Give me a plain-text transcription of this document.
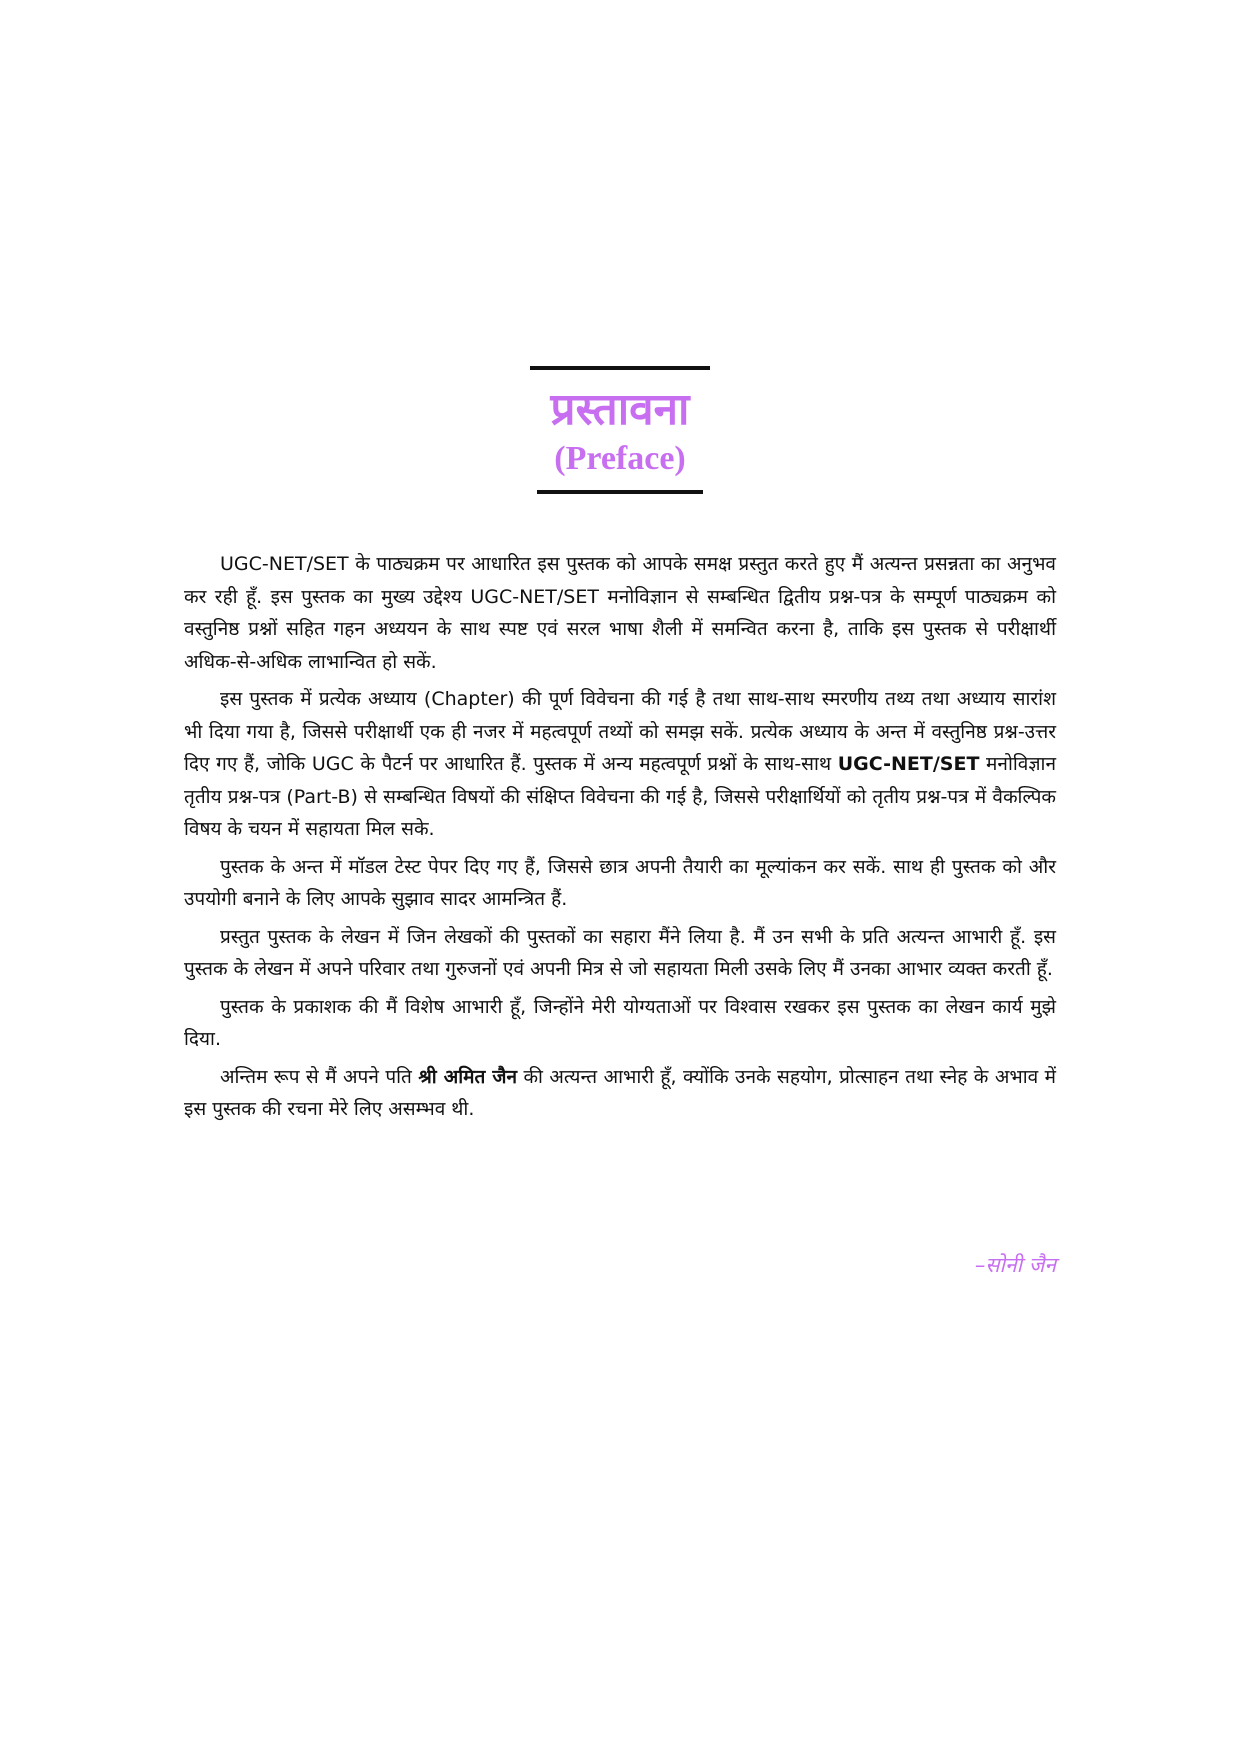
प्रस्तावना
(Preface)

UGC-NET/SET के पाठ्यक्रम पर आधारित इस पुस्तक को आपके समक्ष प्रस्तुत करते हुए मैं अत्यन्त प्रसन्नता का अनुभव कर रही हूँ. इस पुस्तक का मुख्य उद्देश्य UGC-NET/SET मनोविज्ञान से सम्बन्धित द्वितीय प्रश्न-पत्र के सम्पूर्ण पाठ्यक्रम को वस्तुनिष्ठ प्रश्नों सहित गहन अध्ययन के साथ स्पष्ट एवं सरल भाषा शैली में समन्वित करना है, ताकि इस पुस्तक से परीक्षार्थी अधिक-से-अधिक लाभान्वित हो सकें.

इस पुस्तक में प्रत्येक अध्याय (Chapter) की पूर्ण विवेचना की गई है तथा साथ-साथ स्मरणीय तथ्य तथा अध्याय सारांश भी दिया गया है, जिससे परीक्षार्थी एक ही नजर में महत्वपूर्ण तथ्यों को समझ सकें. प्रत्येक अध्याय के अन्त में वस्तुनिष्ठ प्रश्न-उत्तर दिए गए हैं, जोकि UGC के पैटर्न पर आधारित हैं. पुस्तक में अन्य महत्वपूर्ण प्रश्नों के साथ-साथ UGC-NET/SET मनोविज्ञान तृतीय प्रश्न-पत्र (Part-B) से सम्बन्धित विषयों की संक्षिप्त विवेचना की गई है, जिससे परीक्षार्थियों को तृतीय प्रश्न-पत्र में वैकल्पिक विषय के चयन में सहायता मिल सके.

पुस्तक के अन्त में मॉडल टेस्ट पेपर दिए गए हैं, जिससे छात्र अपनी तैयारी का मूल्यांकन कर सकें. साथ ही पुस्तक को और उपयोगी बनाने के लिए आपके सुझाव सादर आमन्त्रित हैं.

प्रस्तुत पुस्तक के लेखन में जिन लेखकों की पुस्तकों का सहारा मैंने लिया है. मैं उन सभी के प्रति अत्यन्त आभारी हूँ. इस पुस्तक के लेखन में अपने परिवार तथा गुरुजनों एवं अपनी मित्र से जो सहायता मिली उसके लिए मैं उनका आभार व्यक्त करती हूँ.

पुस्तक के प्रकाशक की मैं विशेष आभारी हूँ, जिन्होंने मेरी योग्यताओं पर विश्वास रखकर इस पुस्तक का लेखन कार्य मुझे दिया.

अन्तिम रूप से मैं अपने पति श्री अमित जैन की अत्यन्त आभारी हूँ, क्योंकि उनके सहयोग, प्रोत्साहन तथा स्नेह के अभाव में इस पुस्तक की रचना मेरे लिए असम्भव थी.

–सोनी जैन
